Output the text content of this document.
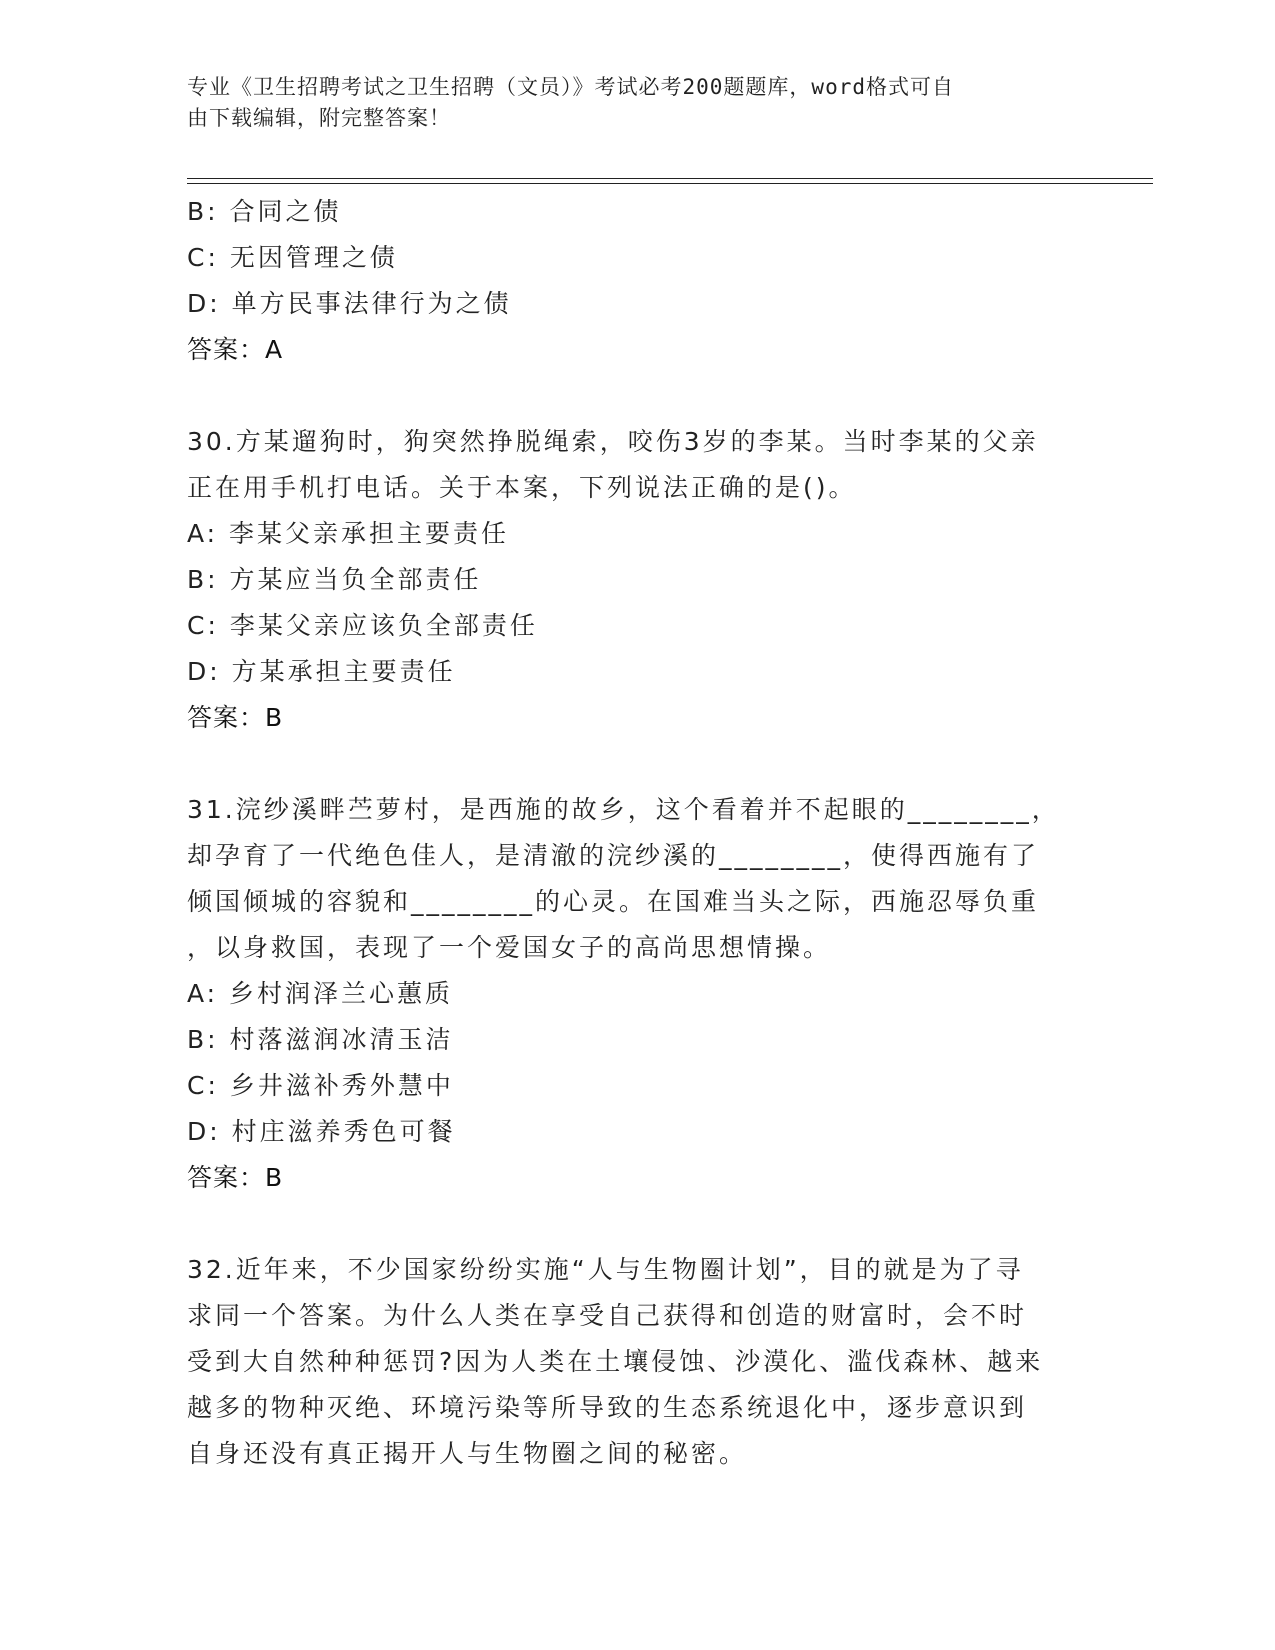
专业《卫生招聘考试之卫生招聘（文员）》考试必考200题题库，word格式可自
由下载编辑，附完整答案！
B: 合同之债
C: 无因管理之债
D: 单方民事法律行为之债
答案：A
30.方某遛狗时，狗突然挣脱绳索，咬伤3岁的李某。当时李某的父亲
正在用手机打电话。关于本案，下列说法正确的是()。
A: 李某父亲承担主要责任
B: 方某应当负全部责任
C: 李某父亲应该负全部责任
D: 方某承担主要责任
答案：B
31.浣纱溪畔苎萝村，是西施的故乡，这个看着并不起眼的________，
却孕育了一代绝色佳人，是清澈的浣纱溪的________，使得西施有了
倾国倾城的容貌和________的心灵。在国难当头之际，西施忍辱负重
，以身救国，表现了一个爱国女子的高尚思想情操。
A: 乡村润泽兰心蕙质
B: 村落滋润冰清玉洁
C: 乡井滋补秀外慧中
D: 村庄滋养秀色可餐
答案：B
32.近年来，不少国家纷纷实施“人与生物圈计划”，目的就是为了寻
求同一个答案。为什么人类在享受自己获得和创造的财富时，会不时
受到大自然种种惩罚?因为人类在土壤侵蚀、沙漠化、滥伐森林、越来
越多的物种灭绝、环境污染等所导致的生态系统退化中，逐步意识到
自身还没有真正揭开人与生物圈之间的秘密。
